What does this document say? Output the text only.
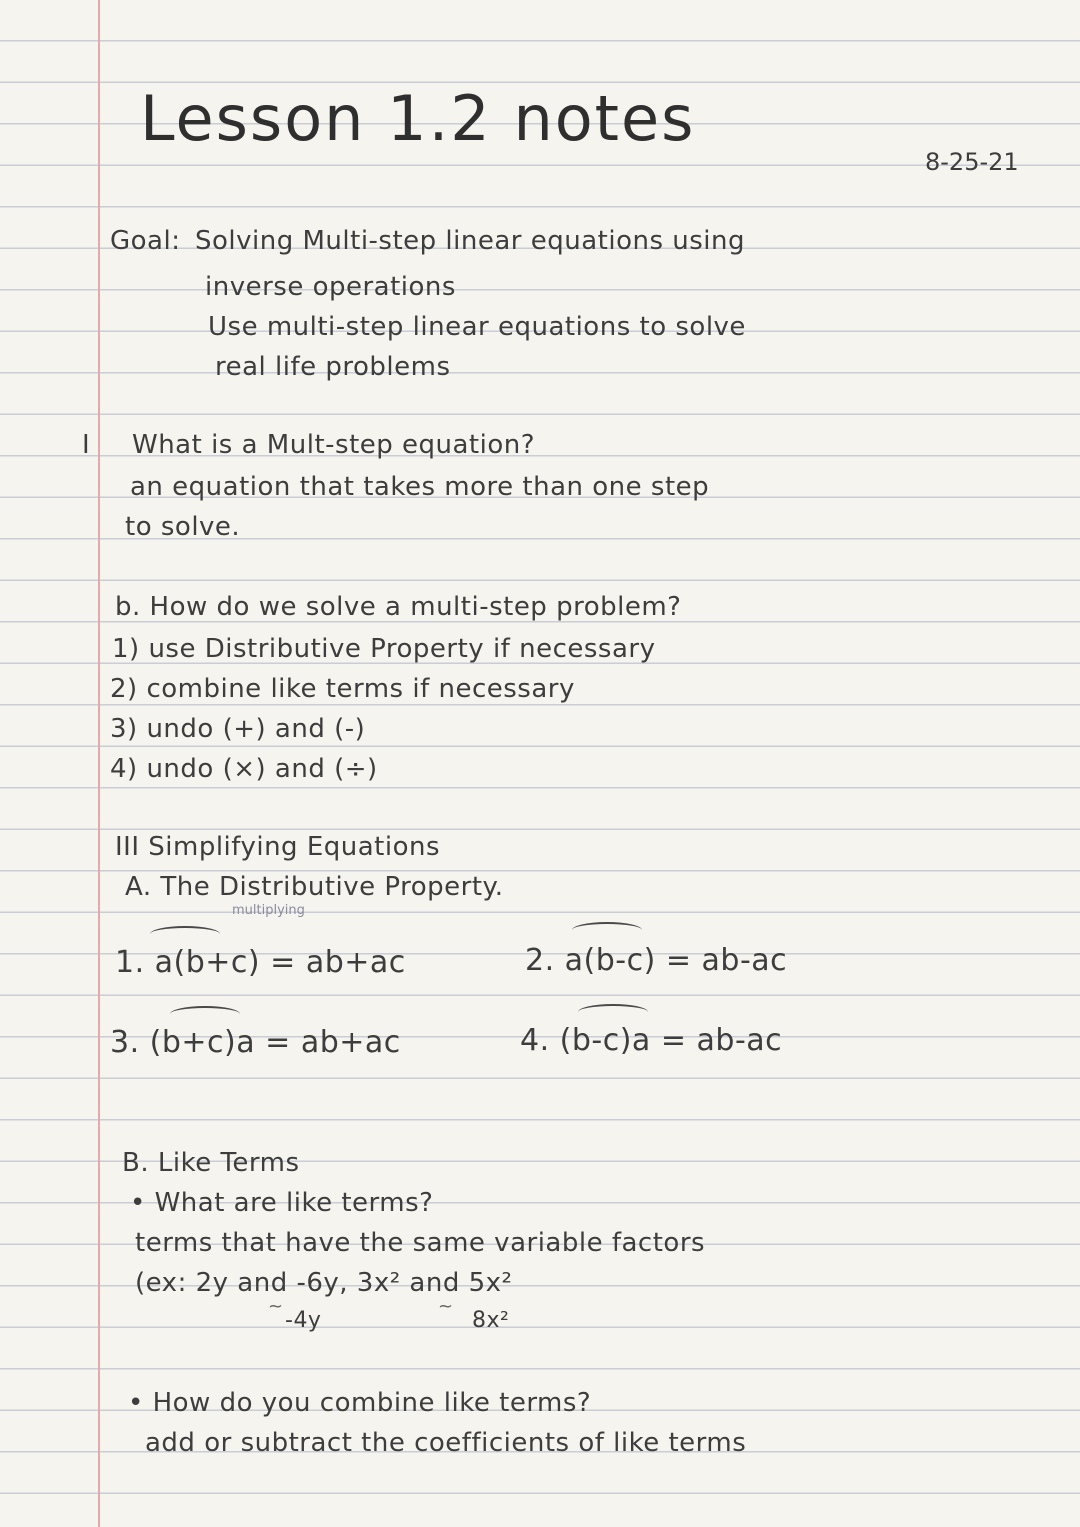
Lesson 1.2 notes
8-25-21
Goal: Solving Multi-step linear equations using
inverse operations
Use multi-step linear equations to solve
real life problems
I What is a Mult-step equation?
an equation that takes more than one step
to solve.
b. How do we solve a multi-step problem?
1) use Distributive Property if necessary
2) combine like terms if necessary
3) undo (+) and (-)
4) undo (×) and (÷)
III Simplifying Equations
A. The Distributive Property.
multiplying
1. a(b+c) = ab+ac	2. a(b-c) = ab-ac
3. (b+c)a = ab+ac	4. (b-c)a = ab-ac
B. Like Terms
• What are like terms?
terms that have the same variable factors
(ex: 2y and -6y, 3x² and 5x²
~	~
-4y	8x²
• How do you combine like terms?
add or subtract the coefficients of like terms
